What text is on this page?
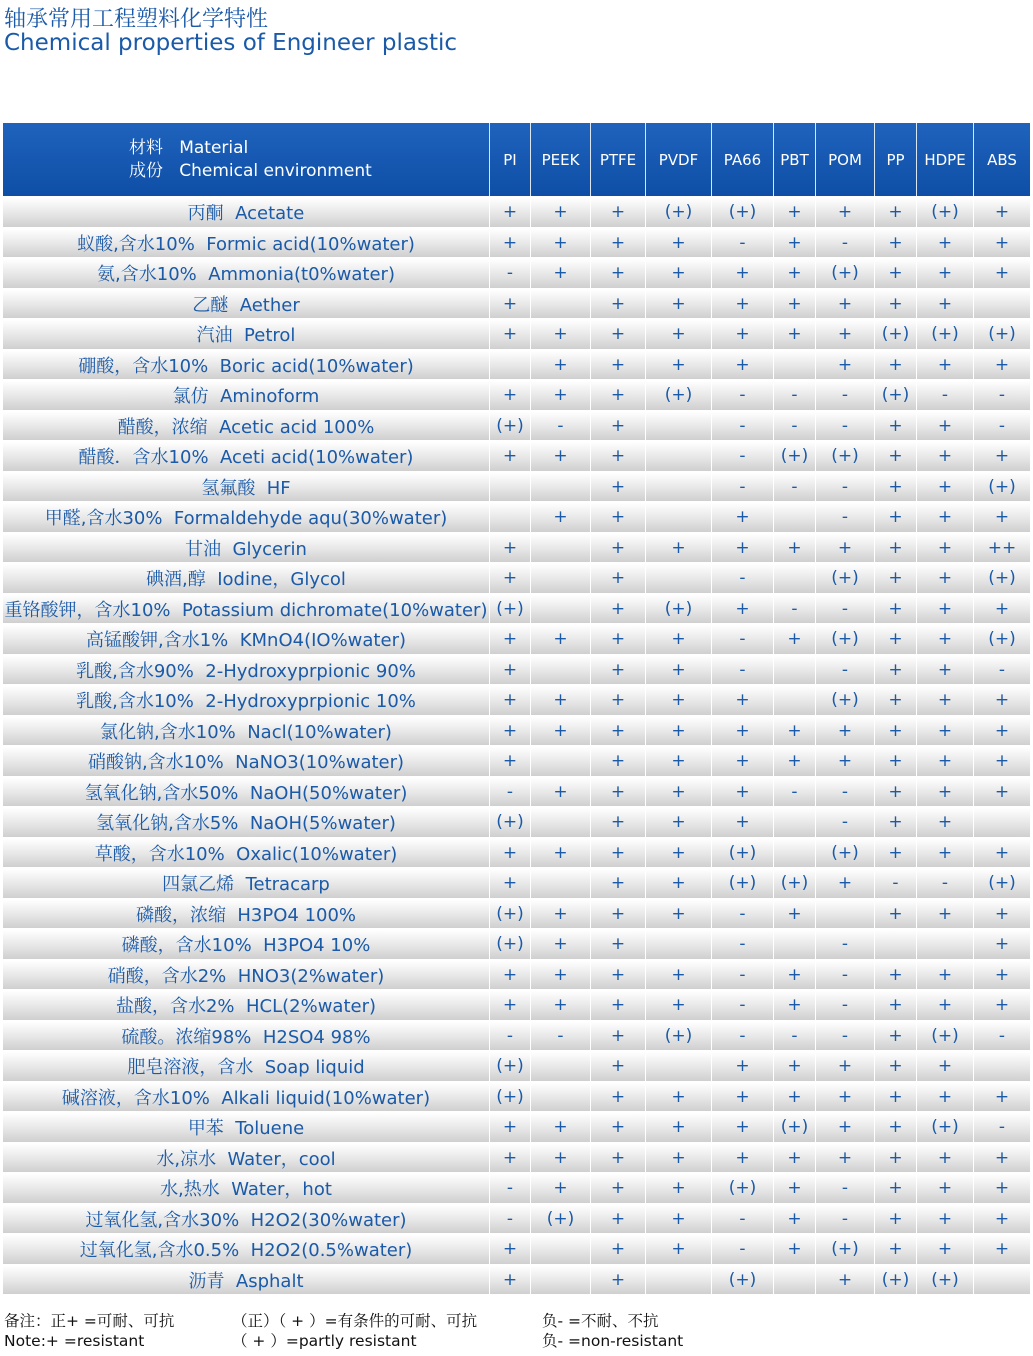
轴承常用工程塑料化学特性
Chemical properties of Engineer plastic
材料   Material
成份   Chemical environment	PI	PEEK	PTFE	PVDF	PA66	PBT	POM	PP	HDPE	ABS
丙酮  Acetate	+	+	+	(+)	(+)	+	+	+	(+)	+
蚁酸,含水10%  Formic acid(10%water)	+	+	+	+	-	+	-	+	+	+
氨,含水10%  Ammonia(t0%water)	-	+	+	+	+	+	(+)	+	+	+
乙醚  Aether	+		+	+	+	+	+	+	+	
汽油  Petrol	+	+	+	+	+	+	+	(+)	(+)	(+)
硼酸，含水10%  Boric acid(10%water)		+	+	+	+		+	+	+	+
氯仿  Aminoform	+	+	+	(+)	-	-	-	(+)	-	-
醋酸，浓缩  Acetic acid 100%	(+)	-	+		-	-	-	+	+	-
醋酸．含水10%  Aceti acid(10%water)	+	+	+		-	(+)	(+)	+	+	+
氢氟酸  HF			+		-	-	-	+	+	(+)
甲醛,含水30%  Formaldehyde aqu(30%water)		+	+		+		-	+	+	+
甘油  Glycerin	+		+	+	+	+	+	+	+	++
碘酒,醇  Iodine，Glycol	+		+		-		(+)	+	+	(+)
重铬酸钾，含水10%  Potassium dichromate(10%water)	(+)		+	(+)	+	-	-	+	+	+
高锰酸钾,含水1%  KMnO4(IO%water)	+	+	+	+	-	+	(+)	+	+	(+)
乳酸,含水90%  2-Hydroxyprpionic 90%	+		+	+	-		-	+	+	-
乳酸,含水10%  2-Hydroxyprpionic 10%	+	+	+	+	+		(+)	+	+	+
氯化钠,含水10%  Nacl(10%water)	+	+	+	+	+	+	+	+	+	+
硝酸钠,含水10%  NaNO3(10%water)	+		+	+	+	+	+	+	+	+
氢氧化钠,含水50%  NaOH(50%water)	-	+	+	+	+	-	-	+	+	+
氢氧化钠,含水5%  NaOH(5%water)	(+)		+	+	+		-	+	+	
草酸，含水10%  Oxalic(10%water)	+	+	+	+	(+)		(+)	+	+	+
四氯乙烯  Tetracarp	+		+	+	(+)	(+)	+	-	-	(+)
磷酸，浓缩  H3PO4 100%	(+)	+	+	+	-	+		+	+	+
磷酸，含水10%  H3PO4 10%	(+)	+	+		-		-			+
硝酸，含水2%  HNO3(2%water)	+	+	+	+	-	+	-	+	+	+
盐酸，含水2%  HCL(2%water)	+	+	+	+	-	+	-	+	+	+
硫酸。浓缩98%  H2SO4 98%	-	-	+	(+)	-	-	-	+	(+)	-
肥皂溶液，含水  Soap liquid	(+)		+		+	+	+	+	+	
碱溶液，含水10%  Alkali liquid(10%water)	(+)		+	+	+	+	+	+	+	+
甲苯  Toluene	+	+	+	+	+	(+)	+	+	(+)	-
水,凉水  Water，cool	+	+	+	+	+	+	+	+	+	+
水,热水  Water，hot	-	+	+	+	(+)	+	-	+	+	+
过氧化氢,含水30%  H2O2(30%water)	-	(+)	+	+	-	+	-	+	+	+
过氧化氢,含水0.5%  H2O2(0.5%water)	+		+	+	-	+	(+)	+	+	+
沥青  Asphalt	+		+		(+)		+	(+)	(+)	
备注：正+ =可耐、可抗
Note:+ =resistant
（正）（ + ）=有条件的可耐、可抗
（ + ）=partly resistant
负- =不耐、不抗
负- =non-resistant
